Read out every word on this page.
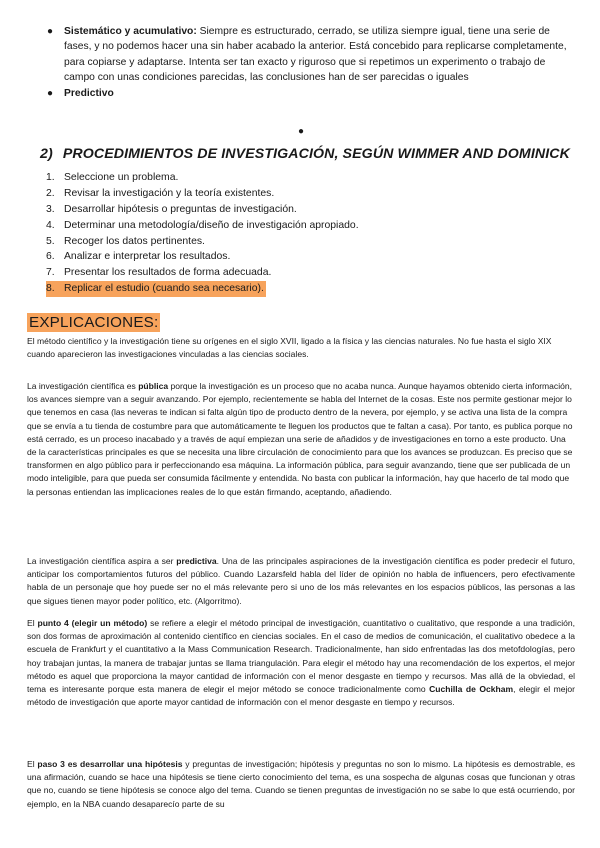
● Sistemático y acumulativo: Siempre es estructurado, cerrado, se utiliza siempre igual, tiene una serie de fases, y no podemos hacer una sin haber acabado la anterior. Está concebido para replicarse completamente, para copiarse y adaptarse. Intenta ser tan exacto y riguroso que si repetimos un experimento o trabajo de campo con unas condiciones parecidas, las conclusiones han de ser parecidas o iguales
● Predictivo
●
2) PROCEDIMIENTOS DE INVESTIGACIÓN, SEGÚN WIMMER AND DOMINICK
1. Seleccione un problema.
2. Revisar la investigación y la teoría existentes.
3. Desarrollar hipótesis o preguntas de investigación.
4. Determinar una metodología/diseño de investigación apropiado.
5. Recoger los datos pertinentes.
6. Analizar e interpretar los resultados.
7. Presentar los resultados de forma adecuada.
8. Replicar el estudio (cuando sea necesario).
EXPLICACIONES:

El método científico y la investigación tiene su orígenes en el siglo XVII, ligado a la física y las ciencias naturales. No fue hasta el siglo XIX cuando aparecieron las investigaciones vinculadas a las ciencias sociales.

La investigación científica es pública porque la investigación es un proceso que no acaba nunca. Aunque hayamos obtenido cierta información, los avances siempre van a seguir avanzando. Por ejemplo, recientemente se habla del Internet de la cosas. Este nos permite gestionar mejor lo que tenemos en casa (las neveras te indican si falta algún tipo de producto dentro de la nevera, por ejemplo, y se activa una lista de la compra que se envía a tu tienda de costumbre para que automáticamente te lleguen los productos que te faltan a casa). Por tanto, es publica porque no está cerrado, es un proceso inacabado y a través de aquí empiezan una serie de añadidos y de investigaciones en torno a este producto. Una de la características principales es que se necesita una libre circulación de conocimiento para que los avances se produzcan. Es preciso que se transformen en algo público para ir perfeccionando esa máquina. La información pública, para seguir avanzando, tiene que ser publicada de un modo inteligible, para que pueda ser consumida fácilmente y entendida. No basta con publicar la información, hay que hacerlo de tal modo que la personas entiendan las implicaciones reales de lo que están firmando, aceptando, añadiendo.

La investigación científica aspira a ser predictiva. Una de las principales aspiraciones de la investigación científica es poder predecir el futuro, anticipar los comportamientos futuros del público. Cuando Lazarsfeld habla del líder de opinión no habla de influencers, pero efectivamente habla de un personaje que hoy puede ser no el más relevante pero si uno de los más relevantes en los espacios públicos, las personas a las que sigues tienen mayor poder político, etc. (Algorritmo).

El punto 4 (elegir un método) se refiere a elegir el método principal de investigación, cuantitativo o cualitativo, que responde a una tradición, son dos formas de aproximación al contenido científico en ciencias sociales. En el caso de medios de comunicación, el cualitativo obedece a la escuela de Frankfurt y el cuantitativo a la Mass Communication Research. Tradicionalmente, han sido enfrentadas las dos metofdologías, pero hoy trabajan juntas, la manera de trabajar juntas se llama triangulación. Para elegir el método hay una recomendación de los expertos, el mejor método es aquel que proporciona la mayor cantidad de información con el menor desgaste en tiempo y recursos. Mas allá de la obviedad, el tema es interesante porque esta manera de elegir el mejor método se conoce tradicionalmente como Cuchilla de Ockham, elegir el mejor método de investigación que aporte mayor cantidad de información con el menor desgaste en tiempo y recursos.

El paso 3 es desarrollar una hipótesis y preguntas de investigación; hipótesis y preguntas no son lo mismo. La hipótesis es demostrable, es una afirmación, cuando se hace una hipótesis se tiene cierto conocimiento del tema, es una sospecha de algunas cosas que funcionan y otras que no, cuando se tiene hipótesis se conoce algo del tema. Cuando se tienen preguntas de investigación no se sabe lo que está ocurriendo, por ejemplo, en la NBA cuando desaparecío parte de su
